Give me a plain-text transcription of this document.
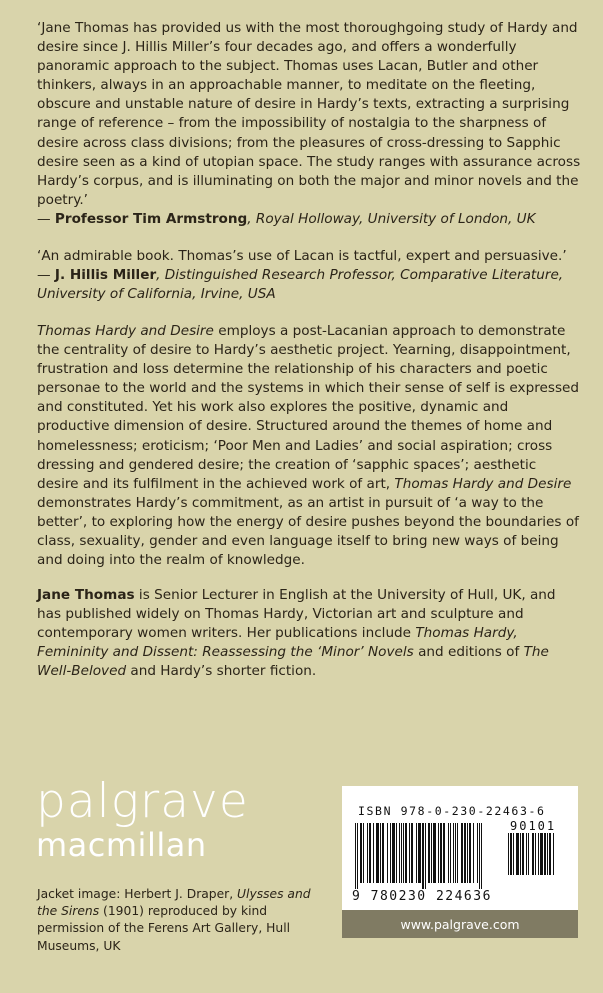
‘Jane Thomas has provided us with the most thoroughgoing study of Hardy and desire since J. Hillis Miller’s four decades ago, and offers a wonderfully panoramic approach to the subject. Thomas uses Lacan, Butler and other thinkers, always in an approachable manner, to meditate on the fleeting, obscure and unstable nature of desire in Hardy’s texts, extracting a surprising range of reference – from the impossibility of nostalgia to the sharpness of desire across class divisions; from the pleasures of cross-dressing to Sapphic desire seen as a kind of utopian space. The study ranges with assurance across Hardy’s corpus, and is illuminating on both the major and minor novels and the poetry.’

— Professor Tim Armstrong, Royal Holloway, University of London, UK

‘An admirable book. Thomas’s use of Lacan is tactful, expert and persuasive.’

— J. Hillis Miller, Distinguished Research Professor, Comparative Literature, University of California, Irvine, USA

Thomas Hardy and Desire employs a post-Lacanian approach to demonstrate the centrality of desire to Hardy’s aesthetic project. Yearning, disappointment, frustration and loss determine the relationship of his characters and poetic personae to the world and the systems in which their sense of self is expressed and constituted. Yet his work also explores the positive, dynamic and productive dimension of desire. Structured around the themes of home and homelessness; eroticism; ‘Poor Men and Ladies’ and social aspiration; cross dressing and gendered desire; the creation of ‘sapphic spaces’; aesthetic desire and its fulfilment in the achieved work of art, Thomas Hardy and Desire demonstrates Hardy’s commitment, as an artist in pursuit of ‘a way to the better’, to exploring how the energy of desire pushes beyond the boundaries of class, sexuality, gender and even language itself to bring new ways of being and doing into the realm of knowledge.

Jane Thomas is Senior Lecturer in English at the University of Hull, UK, and has published widely on Thomas Hardy, Victorian art and sculpture and contemporary women writers. Her publications include Thomas Hardy, Femininity and Dissent: Reassessing the ‘Minor’ Novels and editions of The Well-Beloved and Hardy’s shorter fiction.

palgrave
macmillan
Jacket image: Herbert J. Draper, Ulysses and the Sirens (1901) reproduced by kind permission of the Ferens Art Gallery, Hull Museums, UK
ISBN 978-0-230-22463-6
90101
9 780230 224636
www.palgrave.com
